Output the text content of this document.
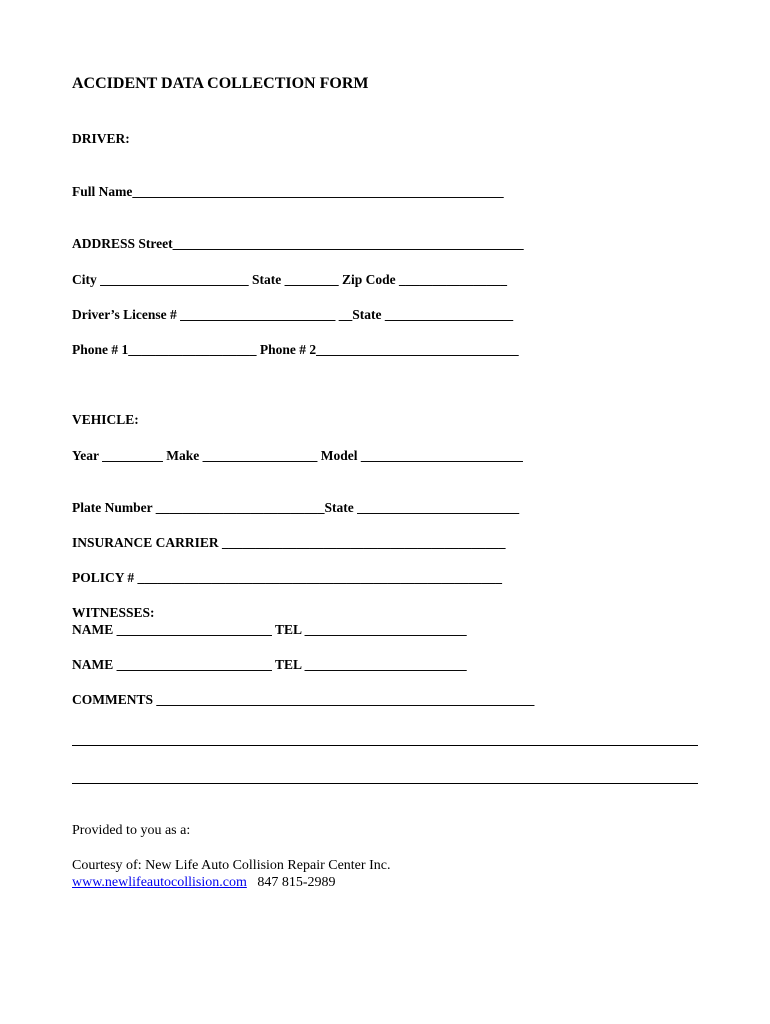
ACCIDENT DATA COLLECTION FORM

DRIVER:

Full Name_______________________________________________________

ADDRESS Street____________________________________________________

City ______________________ State ________ Zip Code ________________

Driver’s License # _______________________ __State ___________________

Phone # 1___________________ Phone # 2______________________________

VEHICLE:

Year _________ Make _________________ Model ________________________

Plate Number _________________________State ________________________

INSURANCE CARRIER __________________________________________

POLICY # ______________________________________________________

WITNESSES:

NAME _______________________ TEL ________________________

NAME _______________________ TEL ________________________

COMMENTS ________________________________________________________

Provided to you as a:

Courtesy of: New Life Auto Collision Repair Center Inc.

www.newlifeautocollision.com 847 815-2989
